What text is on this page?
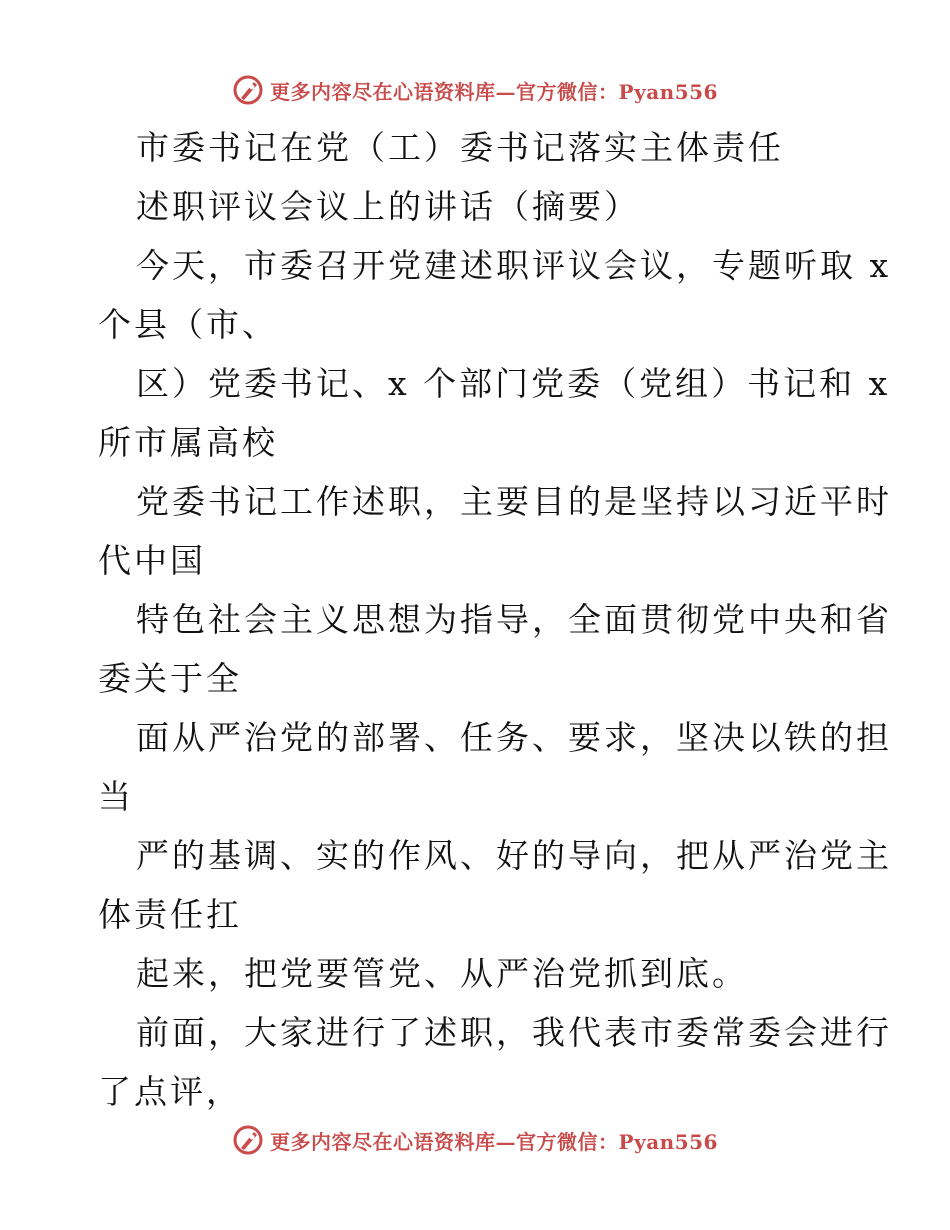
更多内容尽在心语资料库—官方微信：Pyan556

市委书记在党（工）委书记落实主体责任

述职评议会议上的讲话（摘要）

今天，市委召开党建述职评议会议，专题听取 x

个县（市、

区）党委书记、x 个部门党委（党组）书记和 x

所市属高校

党委书记工作述职，主要目的是坚持以习近平时

代中国

特色社会主义思想为指导，全面贯彻党中央和省

委关于全

面从严治党的部署、任务、要求，坚决以铁的担

当

严的基调、实的作风、好的导向，把从严治党主

体责任扛

起来，把党要管党、从严治党抓到底。

前面，大家进行了述职，我代表市委常委会进行

了点评，

更多内容尽在心语资料库—官方微信：Pyan556
